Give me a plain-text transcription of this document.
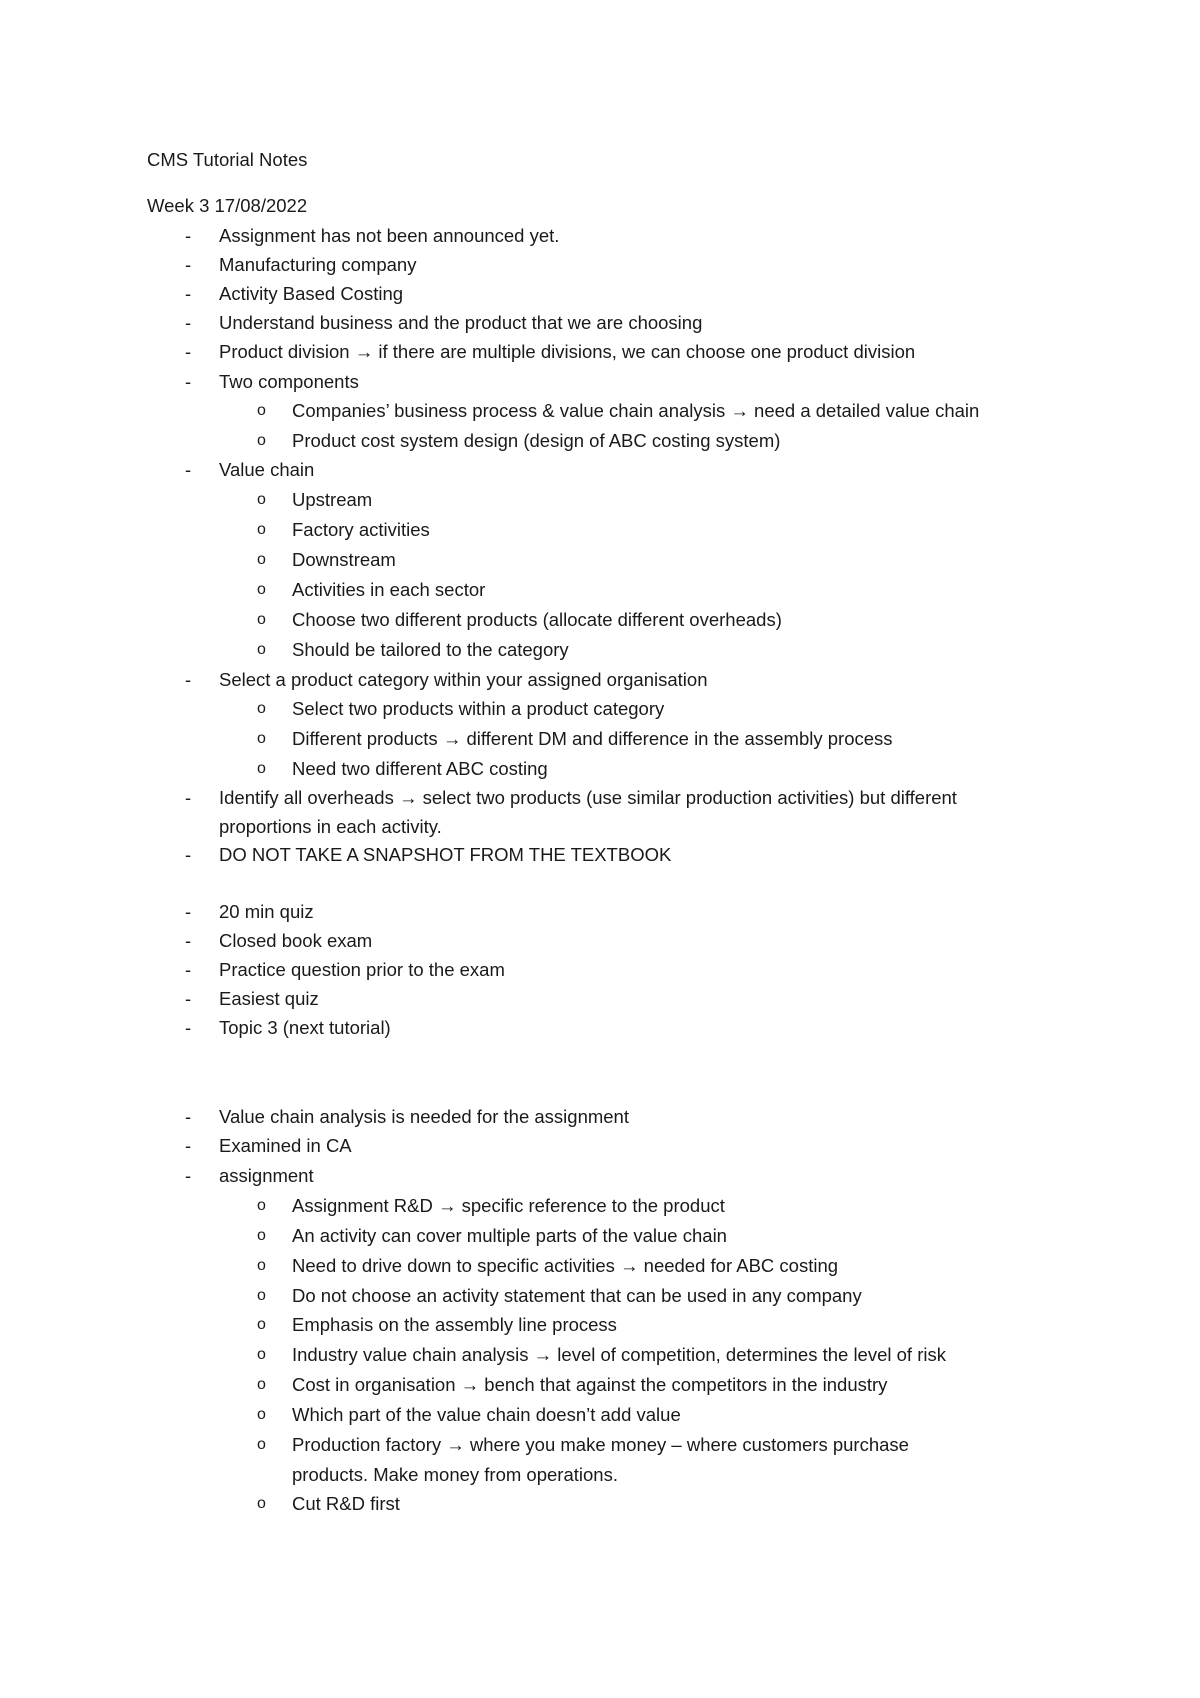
CMS Tutorial Notes
Week 3 17/08/2022
- Assignment has not been announced yet.
- Manufacturing company
- Activity Based Costing
- Understand business and the product that we are choosing
- Product division → if there are multiple divisions, we can choose one product division
- Two components
o Companies’ business process & value chain analysis → need a detailed value chain
o Product cost system design (design of ABC costing system)
- Value chain
o Upstream
o Factory activities
o Downstream
o Activities in each sector
o Choose two different products (allocate different overheads)
o Should be tailored to the category
- Select a product category within your assigned organisation
o Select two products within a product category
o Different products → different DM and difference in the assembly process
o Need two different ABC costing
- Identify all overheads → select two products (use similar production activities) but different
proportions in each activity.
- DO NOT TAKE A SNAPSHOT FROM THE TEXTBOOK
- 20 min quiz
- Closed book exam
- Practice question prior to the exam
- Easiest quiz
- Topic 3 (next tutorial)
- Value chain analysis is needed for the assignment
- Examined in CA
- assignment
o Assignment R&D → specific reference to the product
o An activity can cover multiple parts of the value chain
o Need to drive down to specific activities → needed for ABC costing
o Do not choose an activity statement that can be used in any company
o Emphasis on the assembly line process
o Industry value chain analysis → level of competition, determines the level of risk
o Cost in organisation → bench that against the competitors in the industry
o Which part of the value chain doesn’t add value
o Production factory → where you make money – where customers purchase
products. Make money from operations.
o Cut R&D first
